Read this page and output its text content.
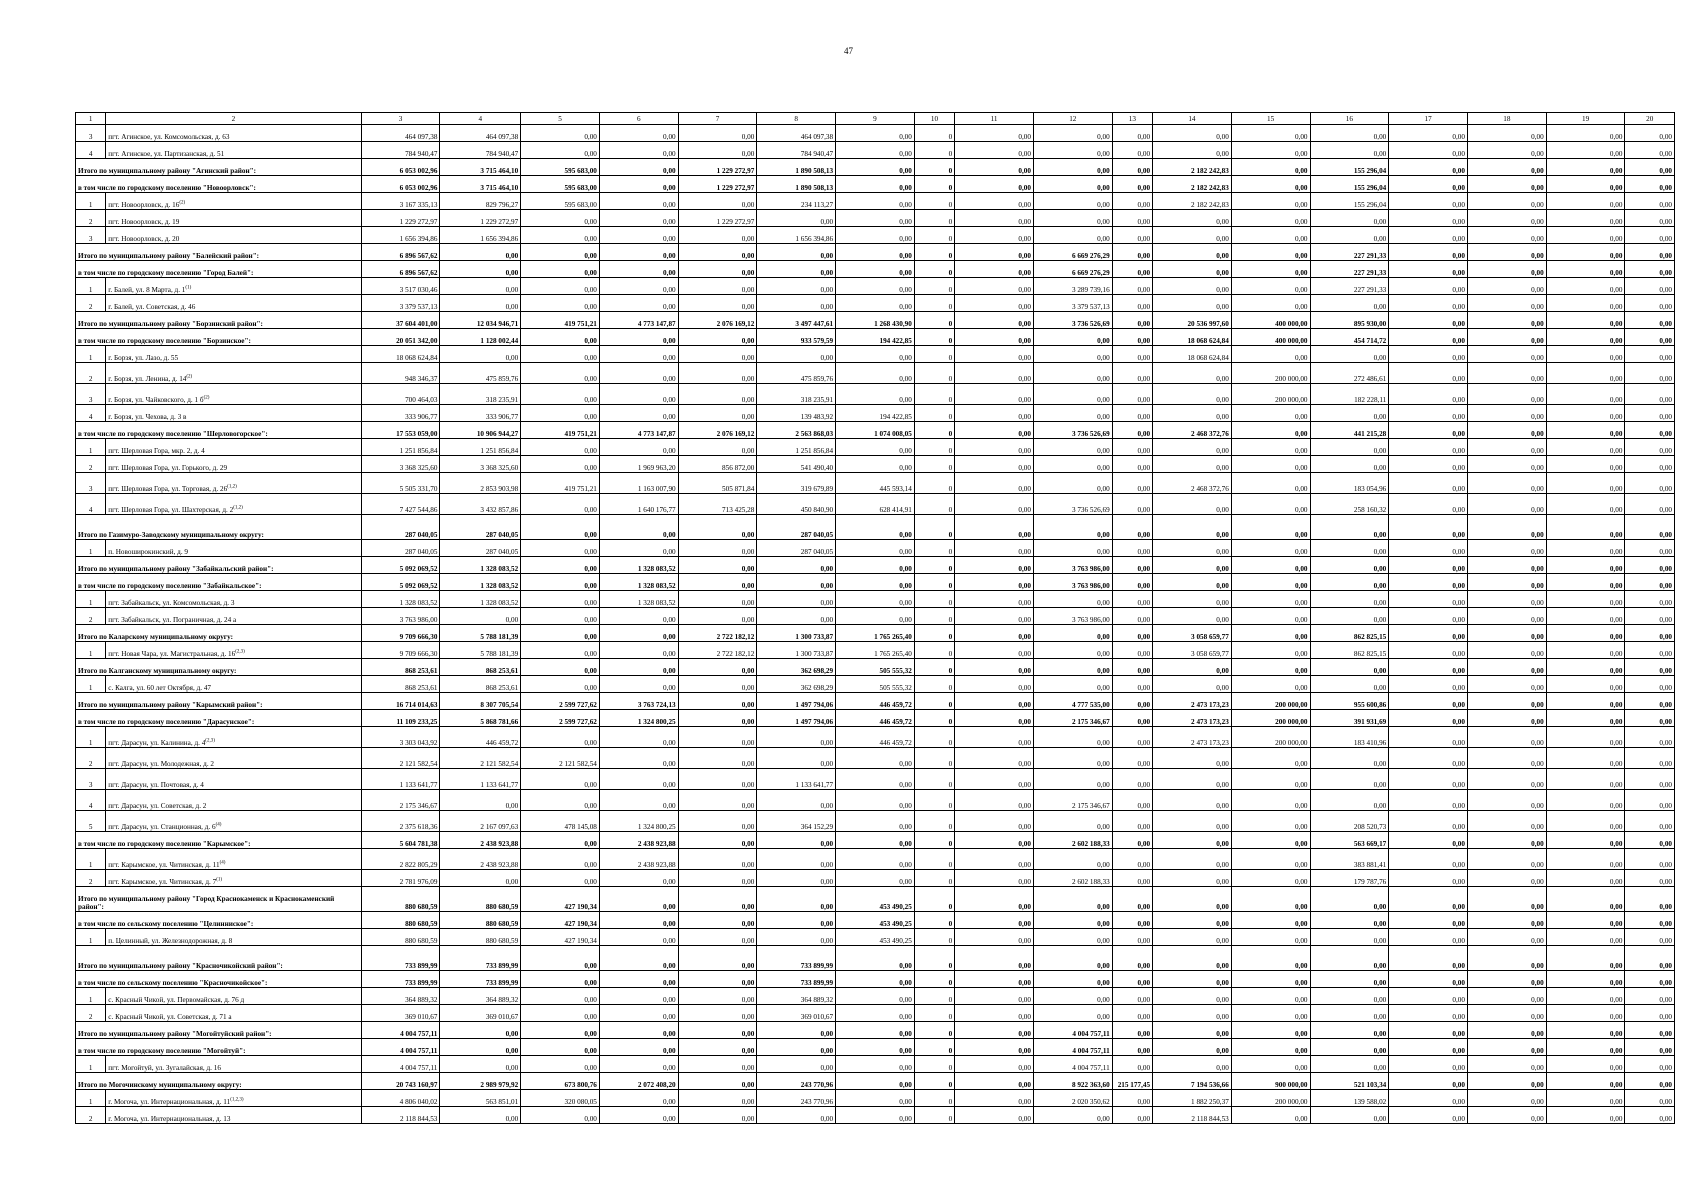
47
1	2	3	4	5	6	7	8	9	10	11	12	13	14	15	16	17	18	19	20
3	пгт. Агинское, ул. Комсомольская, д. 63	464 097,38	464 097,38	0,00	0,00	0,00	464 097,38	0,00	0	0,00	0,00	0,00	0,00	0,00	0,00	0,00	0,00	0,00	0,00
4	пгт. Агинское, ул. Партизанская, д. 51	784 940,47	784 940,47	0,00	0,00	0,00	784 940,47	0,00	0	0,00	0,00	0,00	0,00	0,00	0,00	0,00	0,00	0,00	0,00
Итого по муниципальному району "Агинский район":		6 053 002,96	3 715 464,10	595 683,00	0,00	1 229 272,97	1 890 508,13	0,00	0	0,00	0,00	0,00	2 182 242,83	0,00	155 296,04	0,00	0,00	0,00	0,00
в том числе по городскому поселению "Новоорловск":		6 053 002,96	3 715 464,10	595 683,00	0,00	1 229 272,97	1 890 508,13	0,00	0	0,00	0,00	0,00	2 182 242,83	0,00	155 296,04	0,00	0,00	0,00	0,00
1	пгт. Новоорловск, д. 16$^{(2)}$	3 167 335,13	829 796,27	595 683,00	0,00	0,00	234 113,27	0,00	0	0,00	0,00	0,00	2 182 242,83	0,00	155 296,04	0,00	0,00	0,00	0,00
2	пгт. Новоорловск, д. 19	1 229 272,97	1 229 272,97	0,00	0,00	1 229 272,97	0,00	0,00	0	0,00	0,00	0,00	0,00	0,00	0,00	0,00	0,00	0,00	0,00
3	пгт. Новоорловск, д. 20	1 656 394,86	1 656 394,86	0,00	0,00	0,00	1 656 394,86	0,00	0	0,00	0,00	0,00	0,00	0,00	0,00	0,00	0,00	0,00	0,00
Итого по муниципальному району "Балейский район":		6 896 567,62	0,00	0,00	0,00	0,00	0,00	0,00	0	0,00	6 669 276,29	0,00	0,00	0,00	227 291,33	0,00	0,00	0,00	0,00
в том числе по городскому поселению "Город Балей":		6 896 567,62	0,00	0,00	0,00	0,00	0,00	0,00	0	0,00	6 669 276,29	0,00	0,00	0,00	227 291,33	0,00	0,00	0,00	0,00
1	г. Балей, ул. 8 Марта, д. 1$^{(1)}$	3 517 030,46	0,00	0,00	0,00	0,00	0,00	0,00	0	0,00	3 289 739,16	0,00	0,00	0,00	227 291,33	0,00	0,00	0,00	0,00
2	г. Балей, ул. Советская, д. 46	3 379 537,13	0,00	0,00	0,00	0,00	0,00	0,00	0	0,00	3 379 537,13	0,00	0,00	0,00	0,00	0,00	0,00	0,00	0,00
Итого по муниципальному району "Борзинский район":		37 604 401,00	12 034 946,71	419 751,21	4 773 147,87	2 076 169,12	3 497 447,61	1 268 430,90	0	0,00	3 736 526,69	0,00	20 536 997,60	400 000,00	895 930,00	0,00	0,00	0,00	0,00
в том числе по городскому поселению "Борзинское":		20 051 342,00	1 128 002,44	0,00	0,00	0,00	933 579,59	194 422,85	0	0,00	0,00	0,00	18 068 624,84	400 000,00	454 714,72	0,00	0,00	0,00	0,00
1	г. Борзя, ул. Лазо, д. 55	18 068 624,84	0,00	0,00	0,00	0,00	0,00	0,00	0	0,00	0,00	0,00	18 068 624,84	0,00	0,00	0,00	0,00	0,00	0,00
2	г. Борзя, ул. Ленина, д. 14$^{(2)}$	948 346,37	475 859,76	0,00	0,00	0,00	475 859,76	0,00	0	0,00	0,00	0,00	0,00	200 000,00	272 486,61	0,00	0,00	0,00	0,00
3	г. Борзя, ул. Чайковского, д. 1 $б^{(2)}$	700 464,03	318 235,91	0,00	0,00	0,00	318 235,91	0,00	0	0,00	0,00	0,00	0,00	200 000,00	182 228,11	0,00	0,00	0,00	0,00
4	г. Борзя, ул. Чехова, д. 3 в	333 906,77	333 906,77	0,00	0,00	0,00	139 483,92	194 422,85	0	0,00	0,00	0,00	0,00	0,00	0,00	0,00	0,00	0,00	0,00
в том числе по городскому поселению "Шерловогорское":		17 553 059,00	10 906 944,27	419 751,21	4 773 147,87	2 076 169,12	2 563 868,03	1 074 008,05	0	0,00	3 736 526,69	0,00	2 468 372,76	0,00	441 215,28	0,00	0,00	0,00	0,00
1	пгт. Шерловая Гора, мкр. 2, д. 4	1 251 856,84	1 251 856,84	0,00	0,00	0,00	1 251 856,84	0,00	0	0,00	0,00	0,00	0,00	0,00	0,00	0,00	0,00	0,00	0,00
2	пгт. Шерловая Гора, ул. Горького, д. 29	3 368 325,60	3 368 325,60	0,00	1 969 963,20	856 872,00	541 490,40	0,00	0	0,00	0,00	0,00	0,00	0,00	0,00	0,00	0,00	0,00	0,00
3	пгт. Шерловая Гора, ул. Торговая, д. 26$^{(1,2)}$	5 505 331,70	2 853 903,98	419 751,21	1 163 007,90	505 871,84	319 679,89	445 593,14	0	0,00	0,00	0,00	2 468 372,76	0,00	183 054,96	0,00	0,00	0,00	0,00
4	пгт. Шерловая Гора, ул. Шахтерская, д. 2$^{(1,2)}$	7 427 544,86	3 432 857,86	0,00	1 640 176,77	713 425,28	450 840,90	628 414,91	0	0,00	3 736 526,69	0,00	0,00	0,00	258 160,32	0,00	0,00	0,00	0,00
Итого по Газимуро-Заводскому муниципальному округу:		287 040,05	287 040,05	0,00	0,00	0,00	287 040,05	0,00	0	0,00	0,00	0,00	0,00	0,00	0,00	0,00	0,00	0,00	0,00
1	п. Новоширокинский, д. 9	287 040,05	287 040,05	0,00	0,00	0,00	287 040,05	0,00	0	0,00	0,00	0,00	0,00	0,00	0,00	0,00	0,00	0,00	0,00
Итого по муниципальному району "Забайкальский район":		5 092 069,52	1 328 083,52	0,00	1 328 083,52	0,00	0,00	0,00	0	0,00	3 763 986,00	0,00	0,00	0,00	0,00	0,00	0,00	0,00	0,00
в том числе по городскому поселению "Забайкальское":		5 092 069,52	1 328 083,52	0,00	1 328 083,52	0,00	0,00	0,00	0	0,00	3 763 986,00	0,00	0,00	0,00	0,00	0,00	0,00	0,00	0,00
1	пгт. Забайкальск, ул. Комсомольская, д. 3	1 328 083,52	1 328 083,52	0,00	1 328 083,52	0,00	0,00	0,00	0	0,00	0,00	0,00	0,00	0,00	0,00	0,00	0,00	0,00	0,00
2	пгт. Забайкальск, ул. Пограничная, д. 24 а	3 763 986,00	0,00	0,00	0,00	0,00	0,00	0,00	0	0,00	3 763 986,00	0,00	0,00	0,00	0,00	0,00	0,00	0,00	0,00
Итого по Каларскому муниципальному округу:		9 709 666,30	5 788 181,39	0,00	0,00	2 722 182,12	1 300 733,87	1 765 265,40	0	0,00	0,00	0,00	3 058 659,77	0,00	862 825,15	0,00	0,00	0,00	0,00
1	пгт. Новая Чара, ул. Магистральная, д. 16$^{(2,3)}$	9 709 666,30	5 788 181,39	0,00	0,00	2 722 182,12	1 300 733,87	1 765 265,40	0	0,00	0,00	0,00	3 058 659,77	0,00	862 825,15	0,00	0,00	0,00	0,00
Итого по Калганскому муниципальному округу:		868 253,61	868 253,61	0,00	0,00	0,00	362 698,29	505 555,32	0	0,00	0,00	0,00	0,00	0,00	0,00	0,00	0,00	0,00	0,00
1	с. Калга, ул. 60 лет Октября, д. 47	868 253,61	868 253,61	0,00	0,00	0,00	362 698,29	505 555,32	0	0,00	0,00	0,00	0,00	0,00	0,00	0,00	0,00	0,00	0,00
Итого по муниципальному району "Карымский район":		16 714 014,63	8 307 705,54	2 599 727,62	3 763 724,13	0,00	1 497 794,06	446 459,72	0	0,00	4 777 535,00	0,00	2 473 173,23	200 000,00	955 600,86	0,00	0,00	0,00	0,00
в том числе по городскому поселению "Дарасунское":		11 109 233,25	5 868 781,66	2 599 727,62	1 324 800,25	0,00	1 497 794,06	446 459,72	0	0,00	2 175 346,67	0,00	2 473 173,23	200 000,00	391 931,69	0,00	0,00	0,00	0,00
1	пгт. Дарасун, ул. Калинина, д. 4$^{(2,3)}$	3 303 043,92	446 459,72	0,00	0,00	0,00	0,00	446 459,72	0	0,00	0,00	0,00	2 473 173,23	200 000,00	183 410,96	0,00	0,00	0,00	0,00
2	пгт. Дарасун, ул. Молодежная, д. 2	2 121 582,54	2 121 582,54	2 121 582,54	0,00	0,00	0,00	0,00	0	0,00	0,00	0,00	0,00	0,00	0,00	0,00	0,00	0,00	0,00
3	пгт. Дарасун, ул. Почтовая, д. 4	1 133 641,77	1 133 641,77	0,00	0,00	0,00	1 133 641,77	0,00	0	0,00	0,00	0,00	0,00	0,00	0,00	0,00	0,00	0,00	0,00
4	пгт. Дарасун, ул. Советская, д. 2	2 175 346,67	0,00	0,00	0,00	0,00	0,00	0,00	0	0,00	2 175 346,67	0,00	0,00	0,00	0,00	0,00	0,00	0,00	0,00
5	пгт. Дарасун, ул. Станционная, д. 6$^{(4)}$	2 375 618,36	2 167 097,63	478 145,08	1 324 800,25	0,00	364 152,29	0,00	0	0,00	0,00	0,00	0,00	0,00	208 520,73	0,00	0,00	0,00	0,00
в том числе по городскому поселению "Карымское":		5 604 781,38	2 438 923,88	0,00	2 438 923,88	0,00	0,00	0,00	0	0,00	2 602 188,33	0,00	0,00	0,00	563 669,17	0,00	0,00	0,00	0,00
1	пгт. Карымское, ул. Читинская, д. 11$^{(4)}$	2 822 805,29	2 438 923,88	0,00	2 438 923,88	0,00	0,00	0,00	0	0,00	0,00	0,00	0,00	0,00	383 881,41	0,00	0,00	0,00	0,00
2	пгт. Карымское, ул. Читинская, д. 7$^{(1)}$	2 781 976,09	0,00	0,00	0,00	0,00	0,00	0,00	0	0,00	2 602 188,33	0,00	0,00	0,00	179 787,76	0,00	0,00	0,00	0,00
Итого по муниципальному району "Город Краснокаменск и Краснокаменский район":		880 680,59	880 680,59	427 190,34	0,00	0,00	0,00	453 490,25	0	0,00	0,00	0,00	0,00	0,00	0,00	0,00	0,00	0,00	0,00
в том числе по сельскому поселению "Целинниское":		880 680,59	880 680,59	427 190,34	0,00	0,00	0,00	453 490,25	0	0,00	0,00	0,00	0,00	0,00	0,00	0,00	0,00	0,00	0,00
1	п. Целинный, ул. Железнодорожная, д. 8	880 680,59	880 680,59	427 190,34	0,00	0,00	0,00	453 490,25	0	0,00	0,00	0,00	0,00	0,00	0,00	0,00	0,00	0,00	0,00
Итого по муниципальному району "Красночикойский район":		733 899,99	733 899,99	0,00	0,00	0,00	733 899,99	0,00	0	0,00	0,00	0,00	0,00	0,00	0,00	0,00	0,00	0,00	0,00
в том числе по сельскому поселению "Красночикойское":		733 899,99	733 899,99	0,00	0,00	0,00	733 899,99	0,00	0	0,00	0,00	0,00	0,00	0,00	0,00	0,00	0,00	0,00	0,00
1	с. Красный Чикой, ул. Первомайская, д. 76 д	364 889,32	364 889,32	0,00	0,00	0,00	364 889,32	0,00	0	0,00	0,00	0,00	0,00	0,00	0,00	0,00	0,00	0,00	0,00
2	с. Красный Чикой, ул. Советская, д. 71 а	369 010,67	369 010,67	0,00	0,00	0,00	369 010,67	0,00	0	0,00	0,00	0,00	0,00	0,00	0,00	0,00	0,00	0,00	0,00
Итого по муниципальному району "Могойтуйский район":		4 004 757,11	0,00	0,00	0,00	0,00	0,00	0,00	0	0,00	4 004 757,11	0,00	0,00	0,00	0,00	0,00	0,00	0,00	0,00
в том числе по городскому поселению "Могойтуй":		4 004 757,11	0,00	0,00	0,00	0,00	0,00	0,00	0	0,00	4 004 757,11	0,00	0,00	0,00	0,00	0,00	0,00	0,00	0,00
1	пгт. Могойтуй, ул. Зугалайская, д. 16	4 004 757,11	0,00	0,00	0,00	0,00	0,00	0,00	0	0,00	4 004 757,11	0,00	0,00	0,00	0,00	0,00	0,00	0,00	0,00
Итого по Могочинскому муниципальному округу:		20 743 160,97	2 989 979,92	673 800,76	2 072 408,20	0,00	243 770,96	0,00	0	0,00	8 922 363,60	215 177,45	7 194 536,66	900 000,00	521 103,34	0,00	0,00	0,00	0,00
1	г. Могоча, ул. Интернациональная, д. 11$^{(1,2,3)}$	4 806 040,02	563 851,01	320 080,05	0,00	0,00	243 770,96	0,00	0	0,00	2 020 350,62	0,00	1 882 250,37	200 000,00	139 588,02	0,00	0,00	0,00	0,00
2	г. Могоча, ул. Интернациональная, д. 13	2 118 844,53	0,00	0,00	0,00	0,00	0,00	0,00	0	0,00	0,00	0,00	2 118 844,53	0,00	0,00	0,00	0,00	0,00	0,00
